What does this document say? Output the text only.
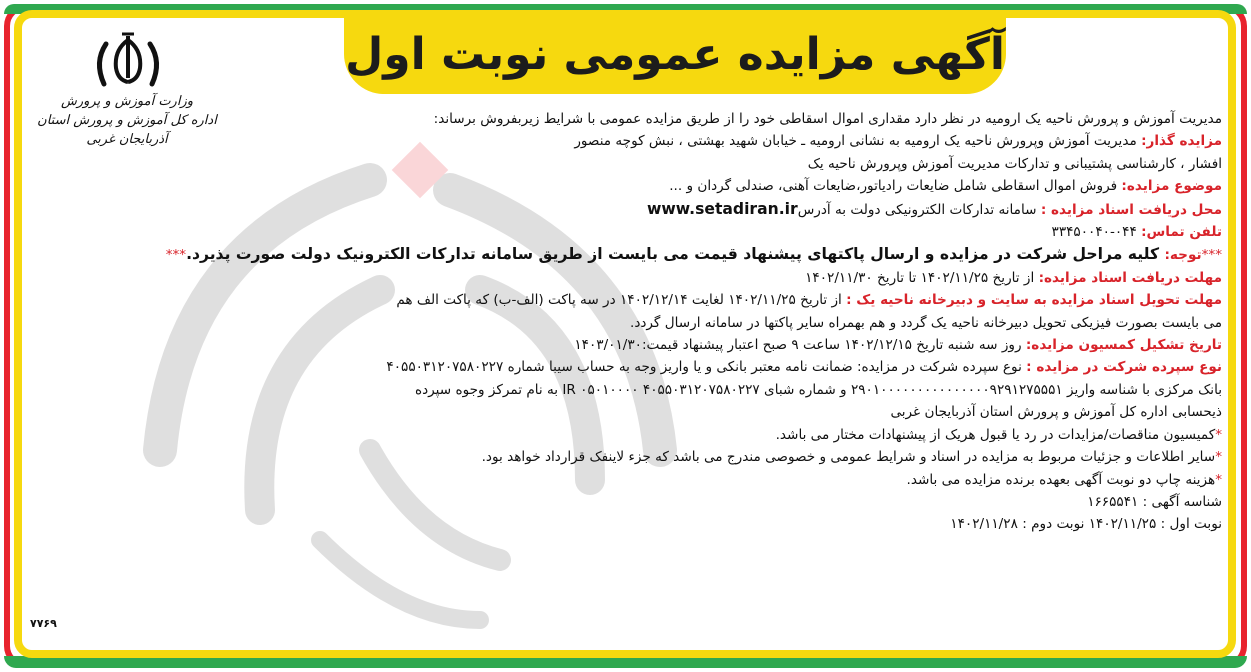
آگهی مزایده عمومی نوبت اول
وزارت آموزش و پرورش
اداره کل آموزش و پرورش استان آذربایجان غربی

مدیریت آموزش و پرورش ناحیه یک ارومیه در نظر دارد مقداری اموال اسقاطی خود را از طریق مزایده عمومی با شرایط زیربفروش برساند:

مزایده گذار: مدیریت آموزش وپرورش ناحیه یک ارومیه به نشانی ارومیه ـ خیابان شهید بهشتی ، نبش کوچه منصور

افشار ، کارشناسی پشتیبانی و تدارکات مدیریت آموزش وپرورش ناحیه یک

موضوع مزایده: فروش اموال اسقاطی شامل ضایعات رادیاتور،ضایعات آهنی، صندلی گردان و ...

محل دریافت اسناد مزایده : سامانه تدارکات الکترونیکی دولت به آدرسwww.setadiran.ir

تلفن تماس: ۰۴۴-۳۳۴۵۰۰۴۰

***توجه: کلیه مراحل شرکت در مزایده و ارسال پاکتهای پیشنهاد قیمت می بایست از طریق سامانه تدارکات الکترونیک دولت صورت پذیرد.***

مهلت دریافت اسناد مزایده: از تاریخ ۱۴۰۲/۱۱/۲۵ تا تاریخ ۱۴۰۲/۱۱/۳۰

مهلت تحویل اسناد مزایده به سایت و دبیرخانه ناحیه یک : از تاریخ ۱۴۰۲/۱۱/۲۵ لغایت ۱۴۰۲/۱۲/۱۴ در سه پاکت (الف-ب) که پاکت الف هم

می بایست بصورت فیزیکی تحویل دبیرخانه ناحیه یک گردد و هم بهمراه سایر پاکتها در سامانه ارسال گردد.

تاریخ تشکیل کمسیون مزایده: روز سه شنبه تاریخ ۱۴۰۲/۱۲/۱۵ ساعت ۹ صبح اعتبار پیشنهاد قیمت:۱۴۰۳/۰۱/۳۰

نوع سپرده شرکت در مزایده : نوع سپرده شرکت در مزایده: ضمانت نامه معتبر بانکی و یا واریز وجه به حساب سیبا شماره ۴۰۵۵۰۳۱۲۰۷۵۸۰۲۲۷

بانک مرکزی با شناسه واریز ۲۹۰۱۰۰۰۰۰۰۰۰۰۰۰۰۰۰۰۹۲۹۱۲۷۵۵۵۱ و شماره شبای ۴۰۵۵۰۳۱۲۰۷۵۸۰۲۲۷ IR ۰۵۰۱۰۰۰۰ به نام تمرکز وجوه سپرده

ذیحسابی اداره کل آموزش و پرورش استان آذربایجان غربی

*کمیسیون مناقصات/مزایدات در رد یا قبول هریک از پیشنهادات مختار می باشد.

*سایر اطلاعات و جزئیات مربوط به مزایده در اسناد و شرایط عمومی و خصوصی مندرج می باشد که جزء لاینفک قرارداد خواهد بود.

*هزینه چاپ دو نوبت آگهی بعهده برنده مزایده می باشد.

شناسه آگهی : ۱۶۶۵۵۴۱

نوبت اول : ۱۴۰۲/۱۱/۲۵ نوبت دوم : ۱۴۰۲/۱۱/۲۸

۷۷۶۹
